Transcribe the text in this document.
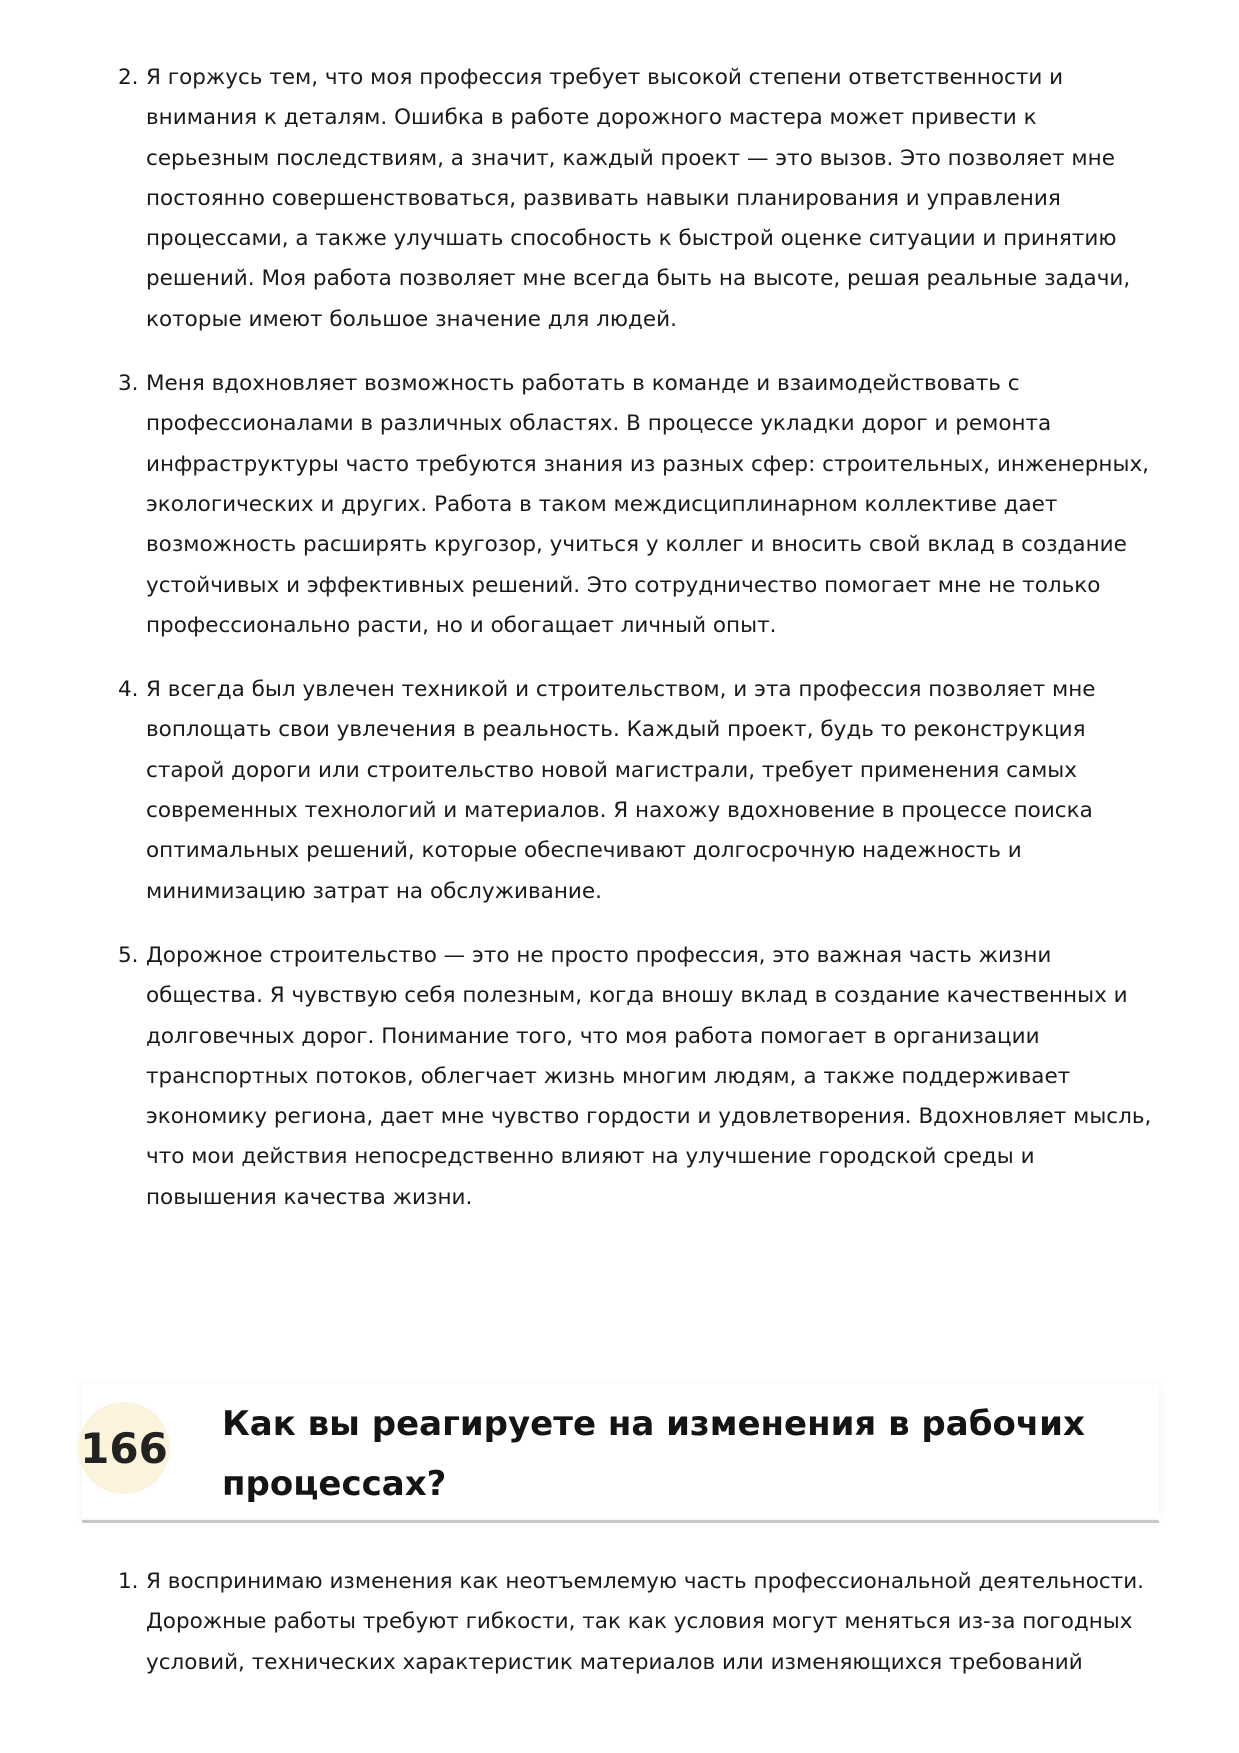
2. Я горжусь тем, что моя профессия требует высокой степени ответственности и внимания к деталям. Ошибка в работе дорожного мастера может привести к серьезным последствиям, а значит, каждый проект — это вызов. Это позволяет мне постоянно совершенствоваться, развивать навыки планирования и управления процессами, а также улучшать способность к быстрой оценке ситуации и принятию решений. Моя работа позволяет мне всегда быть на высоте, решая реальные задачи, которые имеют большое значение для людей.
3. Меня вдохновляет возможность работать в команде и взаимодействовать с профессионалами в различных областях. В процессе укладки дорог и ремонта инфраструктуры часто требуются знания из разных сфер: строительных, инженерных, экологических и других. Работа в таком междисциплинарном коллективе дает возможность расширять кругозор, учиться у коллег и вносить свой вклад в создание устойчивых и эффективных решений. Это сотрудничество помогает мне не только профессионально расти, но и обогащает личный опыт.
4. Я всегда был увлечен техникой и строительством, и эта профессия позволяет мне воплощать свои увлечения в реальность. Каждый проект, будь то реконструкция старой дороги или строительство новой магистрали, требует применения самых современных технологий и материалов. Я нахожу вдохновение в процессе поиска оптимальных решений, которые обеспечивают долгосрочную надежность и минимизацию затрат на обслуживание.
5. Дорожное строительство — это не просто профессия, это важная часть жизни общества. Я чувствую себя полезным, когда вношу вклад в создание качественных и долговечных дорог. Понимание того, что моя работа помогает в организации транспортных потоков, облегчает жизнь многим людям, а также поддерживает экономику региона, дает мне чувство гордости и удовлетворения. Вдохновляет мысль, что мои действия непосредственно влияют на улучшение городской среды и повышения качества жизни.
166 Как вы реагируете на изменения в рабочих процессах?
1. Я воспринимаю изменения как неотъемлемую часть профессиональной деятельности. Дорожные работы требуют гибкости, так как условия могут меняться из-за погодных условий, технических характеристик материалов или изменяющихся требований
